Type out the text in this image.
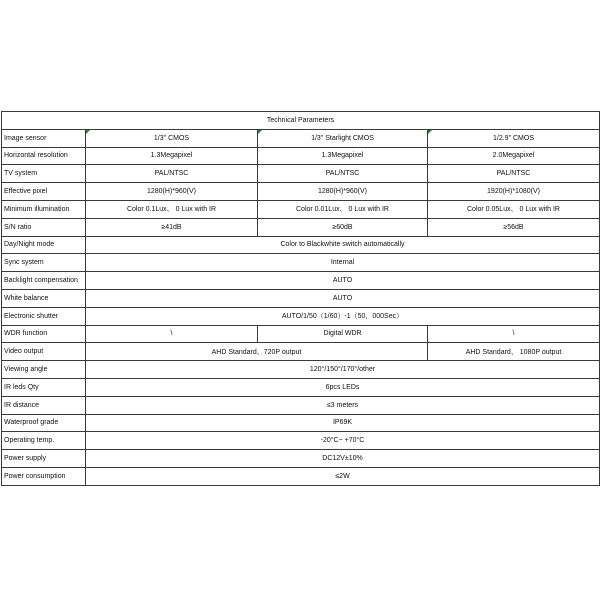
Technical Parameters			
Image sensor	1/3" CMOS	1/3" Starlight CMOS	1/2.9" CMOS
Horizontal resolution	1.3Megapixel	1.3Megapixel	2.0Megapixel
TV system	PAL/NTSC	PAL/NTSC	PAL/NTSC
Effective pixel	1280(H)*960(V)	1280(H)*960(V)	1920(H)*1080(V)
Minimum illumination	Color 0.1Lux、 0 Lux with IR	Color 0.01Lux、 0 Lux with IR	Color 0.05Lux、 0 Lux with IR
S/N ratio	≥41dB	≥60dB	≥56dB
Day/Night mode	Color to Blackwhite switch automatically		
Sync system	Internal		
Backlight compensation	AUTO		
White balance	AUTO		
Electronic shutter	AUTO/1/50（1/60）-1（50，000Sec）		
WDR function	\	Digital WDR	\
Video output	AHD Standard、720P output		AHD Standard、 1080P output
Viewing angle	120°/150°/170°/other		
IR leds Qty	6pcs LEDs		
IR distance	≤3 meters		
Waterproof grade	IP69K		
Operating temp.	-20°C~ +70°C		
Power supply	DC12V±10%		
Power consumption	≤2W		
